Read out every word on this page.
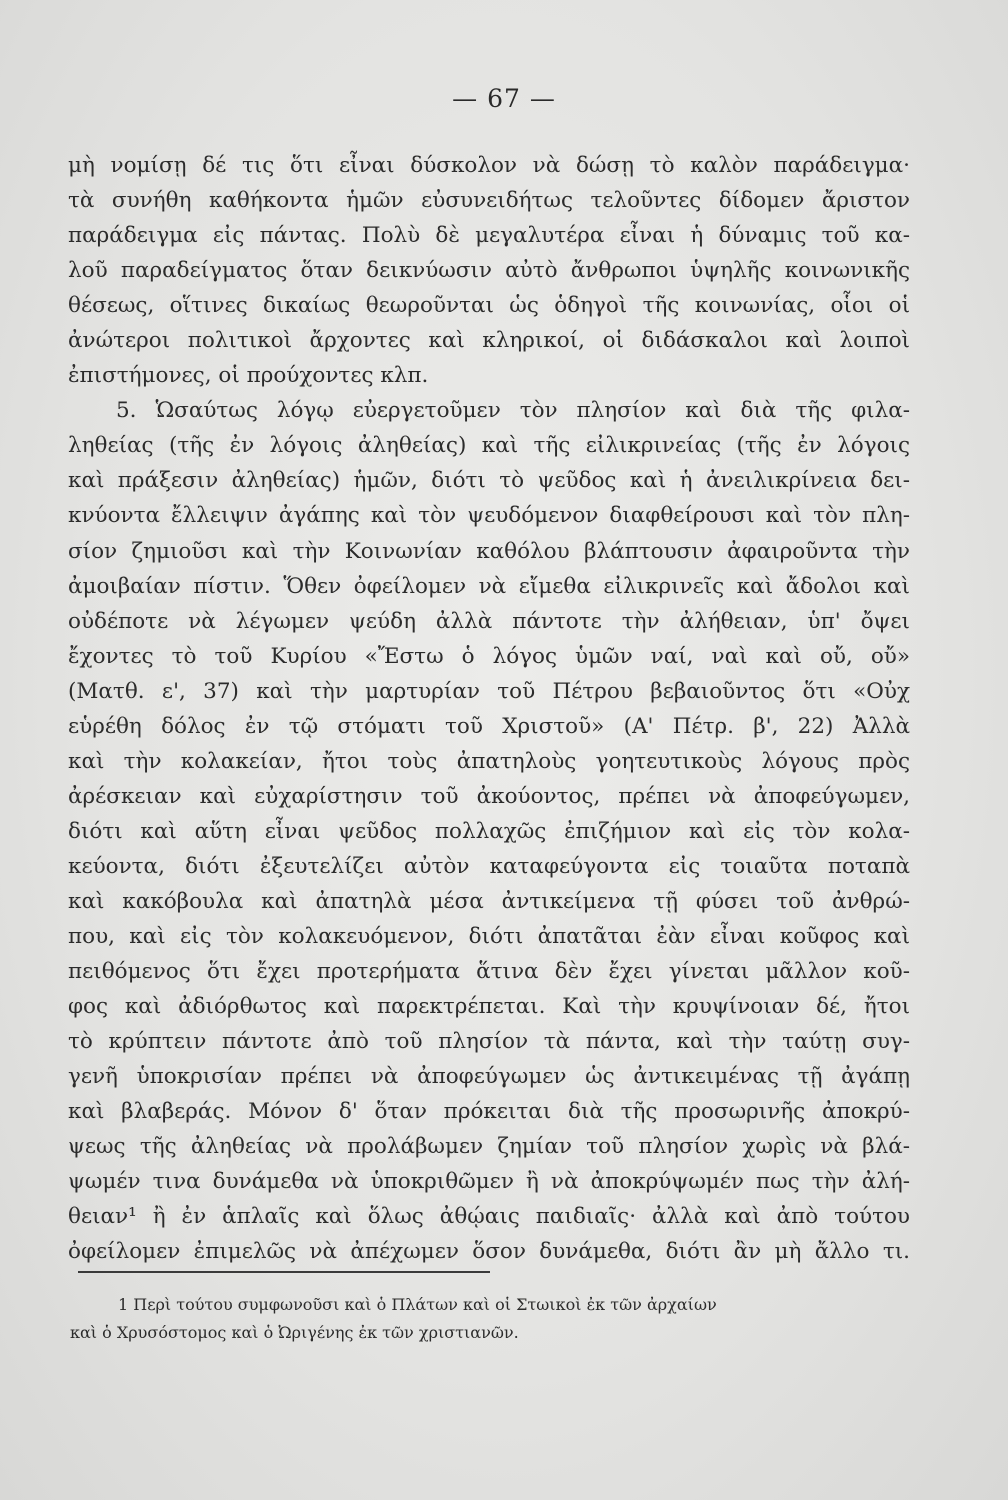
— 67 —
μὴ νομίσῃ δέ τις ὅτι εἶναι δύσκολον νὰ δώσῃ τὸ καλὸν παράδειγμα·
τὰ συνήθη καθήκοντα ἡμῶν εὐσυνειδήτως τελοῦντες δίδομεν ἄριστον
παράδειγμα εἰς πάντας. Πολὺ δὲ μεγαλυτέρα εἶναι ἡ δύναμις τοῦ κα-
λοῦ παραδείγματος ὅταν δεικνύωσιν αὐτὸ ἄνθρωποι ὑψηλῆς κοινωνικῆς
θέσεως, οἵτινες δικαίως θεωροῦνται ὡς ὁδηγοὶ τῆς κοινωνίας, οἷοι οἱ
ἀνώτεροι πολιτικοὶ ἄρχοντες καὶ κληρικοί, οἱ διδάσκαλοι καὶ λοιποὶ
ἐπιστήμονες, οἱ προύχοντες κλπ.
5. Ὡσαύτως λόγῳ εὐεργετοῦμεν τὸν πλησίον καὶ διὰ τῆς φιλα-
ληθείας (τῆς ἐν λόγοις ἀληθείας) καὶ τῆς εἰλικρινείας (τῆς ἐν λόγοις
καὶ πράξεσιν ἀληθείας) ἡμῶν, διότι τὸ ψεῦδος καὶ ἡ ἀνειλικρίνεια δει-
κνύοντα ἔλλειψιν ἀγάπης καὶ τὸν ψευδόμενον διαφθείρουσι καὶ τὸν πλη-
σίον ζημιοῦσι καὶ τὴν Κοινωνίαν καθόλου βλάπτουσιν ἀφαιροῦντα τὴν
ἀμοιβαίαν πίστιν. Ὅθεν ὀφείλομεν νὰ εἴμεθα εἰλικρινεῖς καὶ ἄδολοι καὶ
οὐδέποτε νὰ λέγωμεν ψεύδη ἀλλὰ πάντοτε τὴν ἀλήθειαν, ὑπ' ὄψει
ἔχοντες τὸ τοῦ Κυρίου «Ἔστω ὁ λόγος ὑμῶν ναί, ναὶ καὶ οὔ, οὔ»
(Ματθ. ε', 37) καὶ τὴν μαρτυρίαν τοῦ Πέτρου βεβαιοῦντος ὅτι «Οὐχ
εὑρέθη δόλος ἐν τῷ στόματι τοῦ Χριστοῦ» (Α' Πέτρ. β', 22) Ἀλλὰ
καὶ τὴν κολακείαν, ἤτοι τοὺς ἀπατηλοὺς γοητευτικοὺς λόγους πρὸς
ἀρέσκειαν καὶ εὐχαρίστησιν τοῦ ἀκούοντος, πρέπει νὰ ἀποφεύγωμεν,
διότι καὶ αὕτη εἶναι ψεῦδος πολλαχῶς ἐπιζήμιον καὶ εἰς τὸν κολα-
κεύοντα, διότι ἐξευτελίζει αὐτὸν καταφεύγοντα εἰς τοιαῦτα ποταπὰ
καὶ κακόβουλα καὶ ἀπατηλὰ μέσα ἀντικείμενα τῇ φύσει τοῦ ἀνθρώ-
που, καὶ εἰς τὸν κολακευόμενον, διότι ἀπατᾶται ἐὰν εἶναι κοῦφος καὶ
πειθόμενος ὅτι ἔχει προτερήματα ἅτινα δὲν ἔχει γίνεται μᾶλλον κοῦ-
φος καὶ ἀδιόρθωτος καὶ παρεκτρέπεται. Καὶ τὴν κρυψίνοιαν δέ, ἤτοι
τὸ κρύπτειν πάντοτε ἀπὸ τοῦ πλησίον τὰ πάντα, καὶ τὴν ταύτῃ συγ-
γενῆ ὑποκρισίαν πρέπει νὰ ἀποφεύγωμεν ὡς ἀντικειμένας τῇ ἀγάπῃ
καὶ βλαβεράς. Μόνον δ' ὅταν πρόκειται διὰ τῆς προσωρινῆς ἀποκρύ-
ψεως τῆς ἀληθείας νὰ προλάβωμεν ζημίαν τοῦ πλησίον χωρὶς νὰ βλά-
ψωμέν τινα δυνάμεθα νὰ ὑποκριθῶμεν ἢ νὰ ἀποκρύψωμέν πως τὴν ἀλή-
θειαν¹ ἢ ἐν ἁπλαῖς καὶ ὅλως ἀθῴαις παιδιαῖς· ἀλλὰ καὶ ἀπὸ τούτου
ὀφείλομεν ἐπιμελῶς νὰ ἀπέχωμεν ὅσον δυνάμεθα, διότι ἂν μὴ ἄλλο τι.
1 Περὶ τούτου συμφωνοῦσι καὶ ὁ Πλάτων καὶ οἱ Στωικοὶ ἐκ τῶν ἀρχαίων
καὶ ὁ Χρυσόστομος καὶ ὁ Ὠριγένης ἐκ τῶν χριστιανῶν.
